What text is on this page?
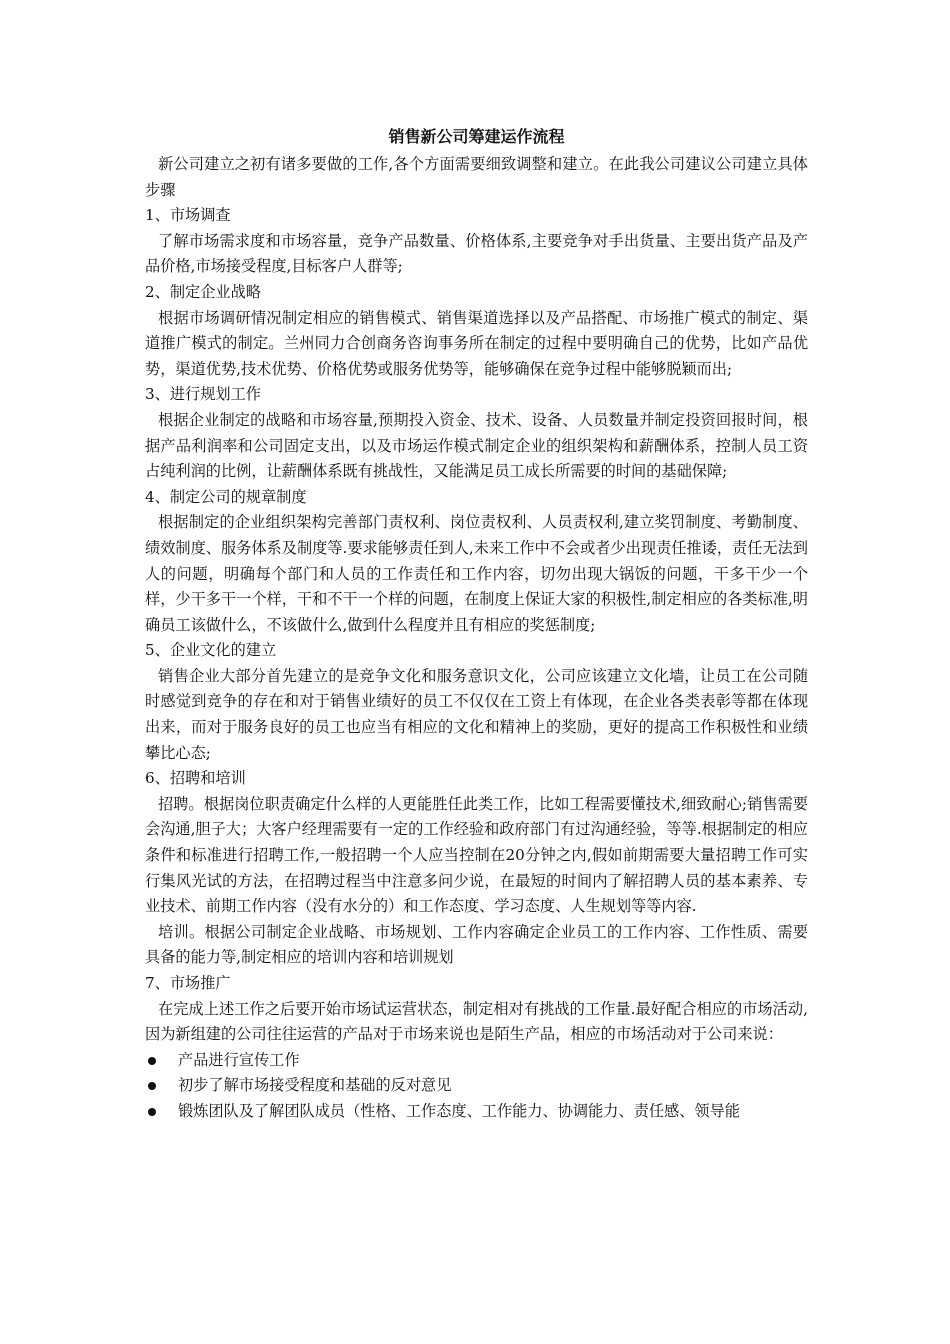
销售新公司筹建运作流程

新公司建立之初有诸多要做的工作,各个方面需要细致调整和建立。在此我公司建议公司建立具体步骤

1、市场调查

了解市场需求度和市场容量，竞争产品数量、价格体系,主要竞争对手出货量、主要出货产品及产品价格,市场接受程度,目标客户人群等;

2、制定企业战略

根据市场调研情况制定相应的销售模式、销售渠道选择以及产品搭配、市场推广模式的制定、渠道推广模式的制定。兰州同力合创商务咨询事务所在制定的过程中要明确自己的优势，比如产品优势，渠道优势,技术优势、价格优势或服务优势等，能够确保在竞争过程中能够脱颖而出;

3、进行规划工作

根据企业制定的战略和市场容量,预期投入资金、技术、设备、人员数量并制定投资回报时间，根据产品利润率和公司固定支出，以及市场运作模式制定企业的组织架构和薪酬体系，控制人员工资占纯利润的比例，让薪酬体系既有挑战性，又能满足员工成长所需要的时间的基础保障;

4、制定公司的规章制度

根据制定的企业组织架构完善部门责权利、岗位责权利、人员责权利,建立奖罚制度、考勤制度、绩效制度、服务体系及制度等.要求能够责任到人,未来工作中不会或者少出现责任推诿，责任无法到人的问题，明确每个部门和人员的工作责任和工作内容，切勿出现大锅饭的问题，干多干少一个样，少干多干一个样，干和不干一个样的问题，在制度上保证大家的积极性,制定相应的各类标准,明确员工该做什么，不该做什么,做到什么程度并且有相应的奖惩制度;

5、企业文化的建立

销售企业大部分首先建立的是竞争文化和服务意识文化，公司应该建立文化墙，让员工在公司随时感觉到竞争的存在和对于销售业绩好的员工不仅仅在工资上有体现，在企业各类表彰等都在体现出来，而对于服务良好的员工也应当有相应的文化和精神上的奖励，更好的提高工作积极性和业绩攀比心态;

6、招聘和培训

招聘。根据岗位职责确定什么样的人更能胜任此类工作，比如工程需要懂技术,细致耐心;销售需要会沟通,胆子大；大客户经理需要有一定的工作经验和政府部门有过沟通经验，等等.根据制定的相应条件和标准进行招聘工作,一般招聘一个人应当控制在20分钟之内,假如前期需要大量招聘工作可实行集风光试的方法，在招聘过程当中注意多问少说，在最短的时间内了解招聘人员的基本素养、专业技术、前期工作内容（没有水分的）和工作态度、学习态度、人生规划等等内容.

培训。根据公司制定企业战略、市场规划、工作内容确定企业员工的工作内容、工作性质、需要具备的能力等,制定相应的培训内容和培训规划

7、市场推广

在完成上述工作之后要开始市场试运营状态，制定相对有挑战的工作量.最好配合相应的市场活动,因为新组建的公司往往运营的产品对于市场来说也是陌生产品，相应的市场活动对于公司来说：

产品进行宣传工作
初步了解市场接受程度和基础的反对意见
锻炼团队及了解团队成员（性格、工作态度、工作能力、协调能力、责任感、领导能
